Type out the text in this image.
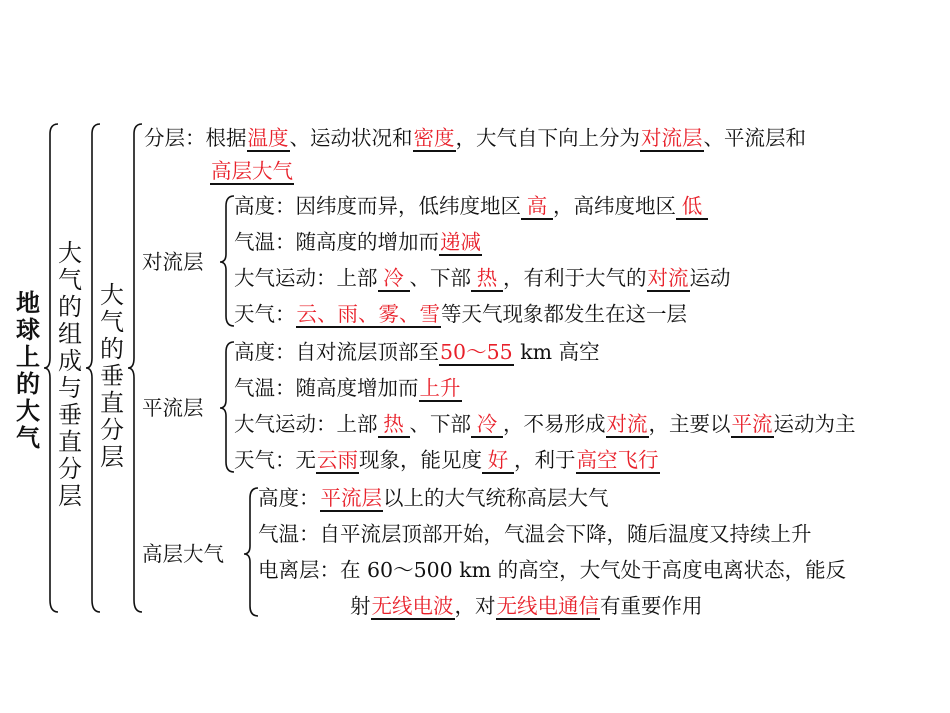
地球上的大气
大气的组成与垂直分层
大气的垂直分层
分层：根据温度、运动状况和密度，大气自下向上分为对流层、平流层和
高层大气
对流层
高度：因纬度而异，低纬度地区 高 ，高纬度地区 低
气温：随高度的增加而递减
大气运动：上部 冷 、下部 热 ，有利于大气的对流运动
天气：云、雨、雾、雪等天气现象都发生在这一层
平流层
高度：自对流层顶部至50～55 km 高空
气温：随高度增加而上升
大气运动：上部 热 、下部 冷 ，不易形成对流，主要以平流运动为主
天气：无云雨现象，能见度 好 ，利于高空飞行
高层大气
高度：平流层以上的大气统称高层大气
气温：自平流层顶部开始，气温会下降，随后温度又持续上升
电离层：在 60～500 km 的高空，大气处于高度电离状态，能反
射无线电波，对无线电通信有重要作用
